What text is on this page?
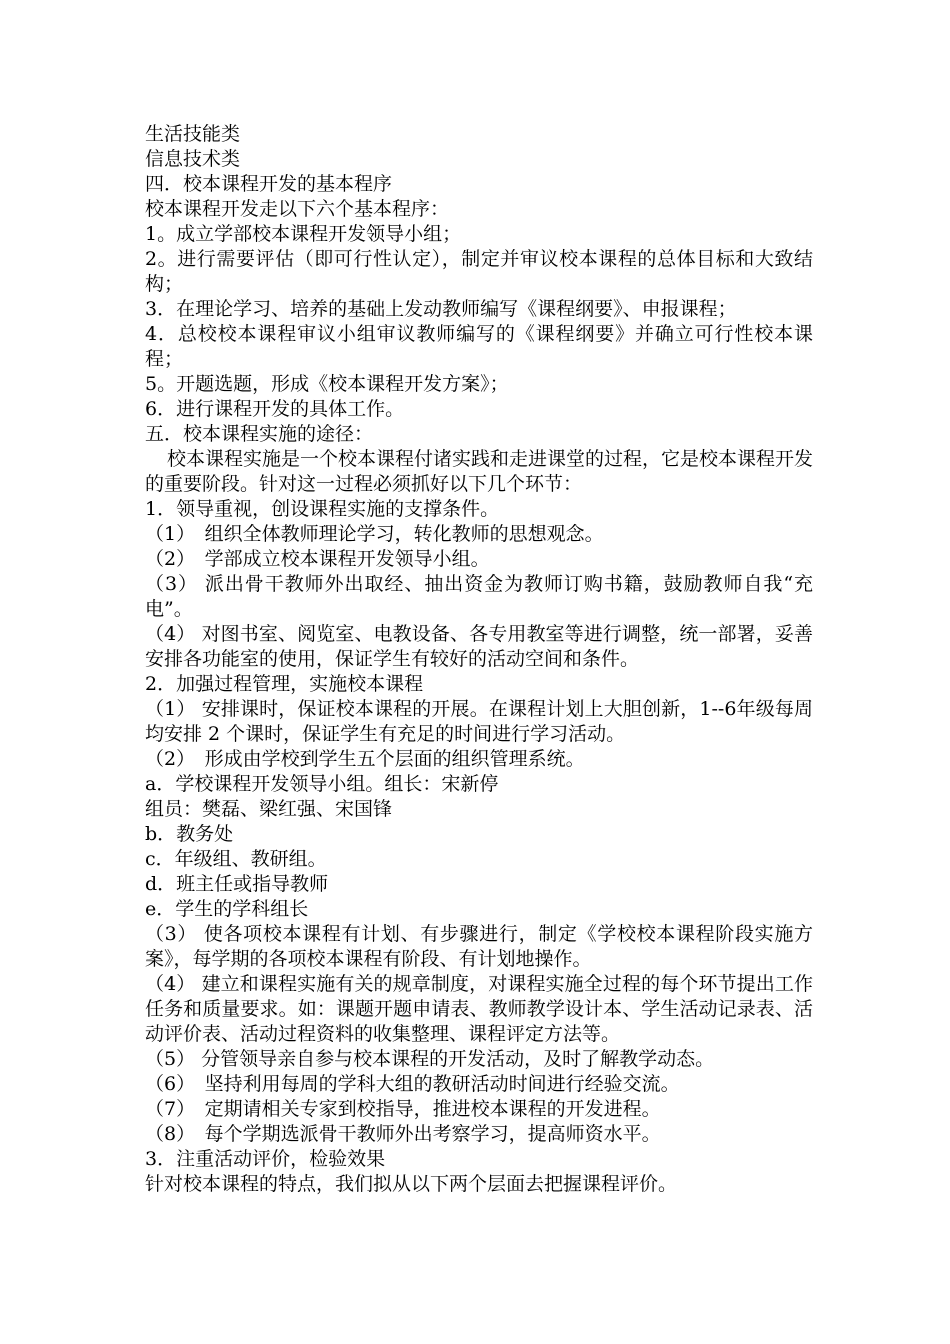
生活技能类

信息技术类

四．校本课程开发的基本程序

校本课程开发走以下六个基本程序：

1。成立学部校本课程开发领导小组；

2。进行需要评估（即可行性认定），制定并审议校本课程的总体目标和大致结构；

3．在理论学习、培养的基础上发动教师编写《课程纲要》、申报课程；

4．总校校本课程审议小组审议教师编写的《课程纲要》并确立可行性校本课程；

5。开题选题，形成《校本课程开发方案》；

6．进行课程开发的具体工作。

五．校本课程实施的途径：

校本课程实施是一个校本课程付诸实践和走进课堂的过程，它是校本课程开发的重要阶段。针对这一过程必须抓好以下几个环节：

1．领导重视，创设课程实施的支撑条件。

（1）　组织全体教师理论学习，转化教师的思想观念。

（2）　学部成立校本课程开发领导小组。

（3） 派出骨干教师外出取经、抽出资金为教师订购书籍，鼓励教师自我“充电”。

（4） 对图书室、阅览室、电教设备、各专用教室等进行调整，统一部署，妥善安排各功能室的使用，保证学生有较好的活动空间和条件。

2．加强过程管理，实施校本课程

（1） 安排课时，保证校本课程的开展。在课程计划上大胆创新，1--6年级每周均安排 2 个课时，保证学生有充足的时间进行学习活动。

（2）　形成由学校到学生五个层面的组织管理系统。

a．学校课程开发领导小组。组长：宋新停

组员：樊磊、梁红强、宋国锋

b．教务处

c．年级组、教研组。

d．班主任或指导教师

e．学生的学科组长

（3） 使各项校本课程有计划、有步骤进行，制定《学校校本课程阶段实施方案》，每学期的各项校本课程有阶段、有计划地操作。

（4） 建立和课程实施有关的规章制度，对课程实施全过程的每个环节提出工作任务和质量要求。如：课题开题申请表、教师教学设计本、学生活动记录表、活动评价表、活动过程资料的收集整理、课程评定方法等。

（5） 分管领导亲自参与校本课程的开发活动，及时了解教学动态。

（6）　坚持利用每周的学科大组的教研活动时间进行经验交流。

（7）　定期请相关专家到校指导，推进校本课程的开发进程。

（8）　每个学期选派骨干教师外出考察学习，提高师资水平。

3．注重活动评价，检验效果

针对校本课程的特点，我们拟从以下两个层面去把握课程评价。
